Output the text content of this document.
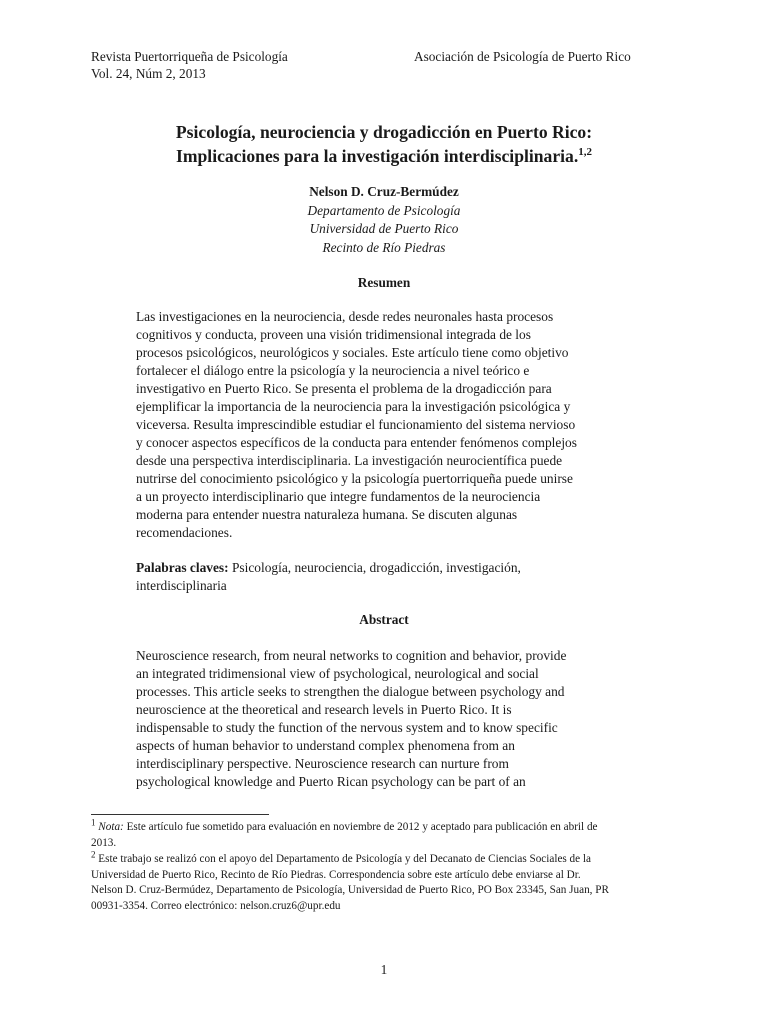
Revista Puertorriqueña de Psicología
Vol. 24, Núm 2, 2013
Asociación de Psicología de Puerto Rico
Psicología, neurociencia y drogadicción en Puerto Rico:
Implicaciones para la investigación interdisciplinaria.$^{1,2}$
Nelson D. Cruz-Bermúdez
Departamento de Psicología
Universidad de Puerto Rico
Recinto de Río Piedras
Resumen
Las investigaciones en la neurociencia, desde redes neuronales hasta procesos
cognitivos y conducta, proveen una visión tridimensional integrada de los
procesos psicológicos, neurológicos y sociales. Este artículo tiene como objetivo
fortalecer el diálogo entre la psicología y la neurociencia a nivel teórico e
investigativo en Puerto Rico. Se presenta el problema de la drogadicción para
ejemplificar la importancia de la neurociencia para la investigación psicológica y
viceversa. Resulta imprescindible estudiar el funcionamiento del sistema nervioso
y conocer aspectos específicos de la conducta para entender fenómenos complejos
desde una perspectiva interdisciplinaria. La investigación neurocientífica puede
nutrirse del conocimiento psicológico y la psicología puertorriqueña puede unirse
a un proyecto interdisciplinario que integre fundamentos de la neurociencia
moderna para entender nuestra naturaleza humana. Se discuten algunas
recomendaciones.
Palabras claves: Psicología, neurociencia, drogadicción, investigación,
interdisciplinaria
Abstract
Neuroscience research, from neural networks to cognition and behavior, provide
an integrated tridimensional view of psychological, neurological and social
processes. This article seeks to strengthen the dialogue between psychology and
neuroscience at the theoretical and research levels in Puerto Rico. It is
indispensable to study the function of the nervous system and to know specific
aspects of human behavior to understand complex phenomena from an
interdisciplinary perspective. Neuroscience research can nurture from
psychological knowledge and Puerto Rican psychology can be part of an
$^1$ Nota: Este artículo fue sometido para evaluación en noviembre de 2012 y aceptado para publicación en abril de
2013.
$^2$ Este trabajo se realizó con el apoyo del Departamento de Psicología y del Decanato de Ciencias Sociales de la
Universidad de Puerto Rico, Recinto de Río Piedras. Correspondencia sobre este artículo debe enviarse al Dr.
Nelson D. Cruz-Bermúdez, Departamento de Psicología, Universidad de Puerto Rico, PO Box 23345, San Juan, PR
00931-3354. Correo electrónico: nelson.cruz6@upr.edu
1
